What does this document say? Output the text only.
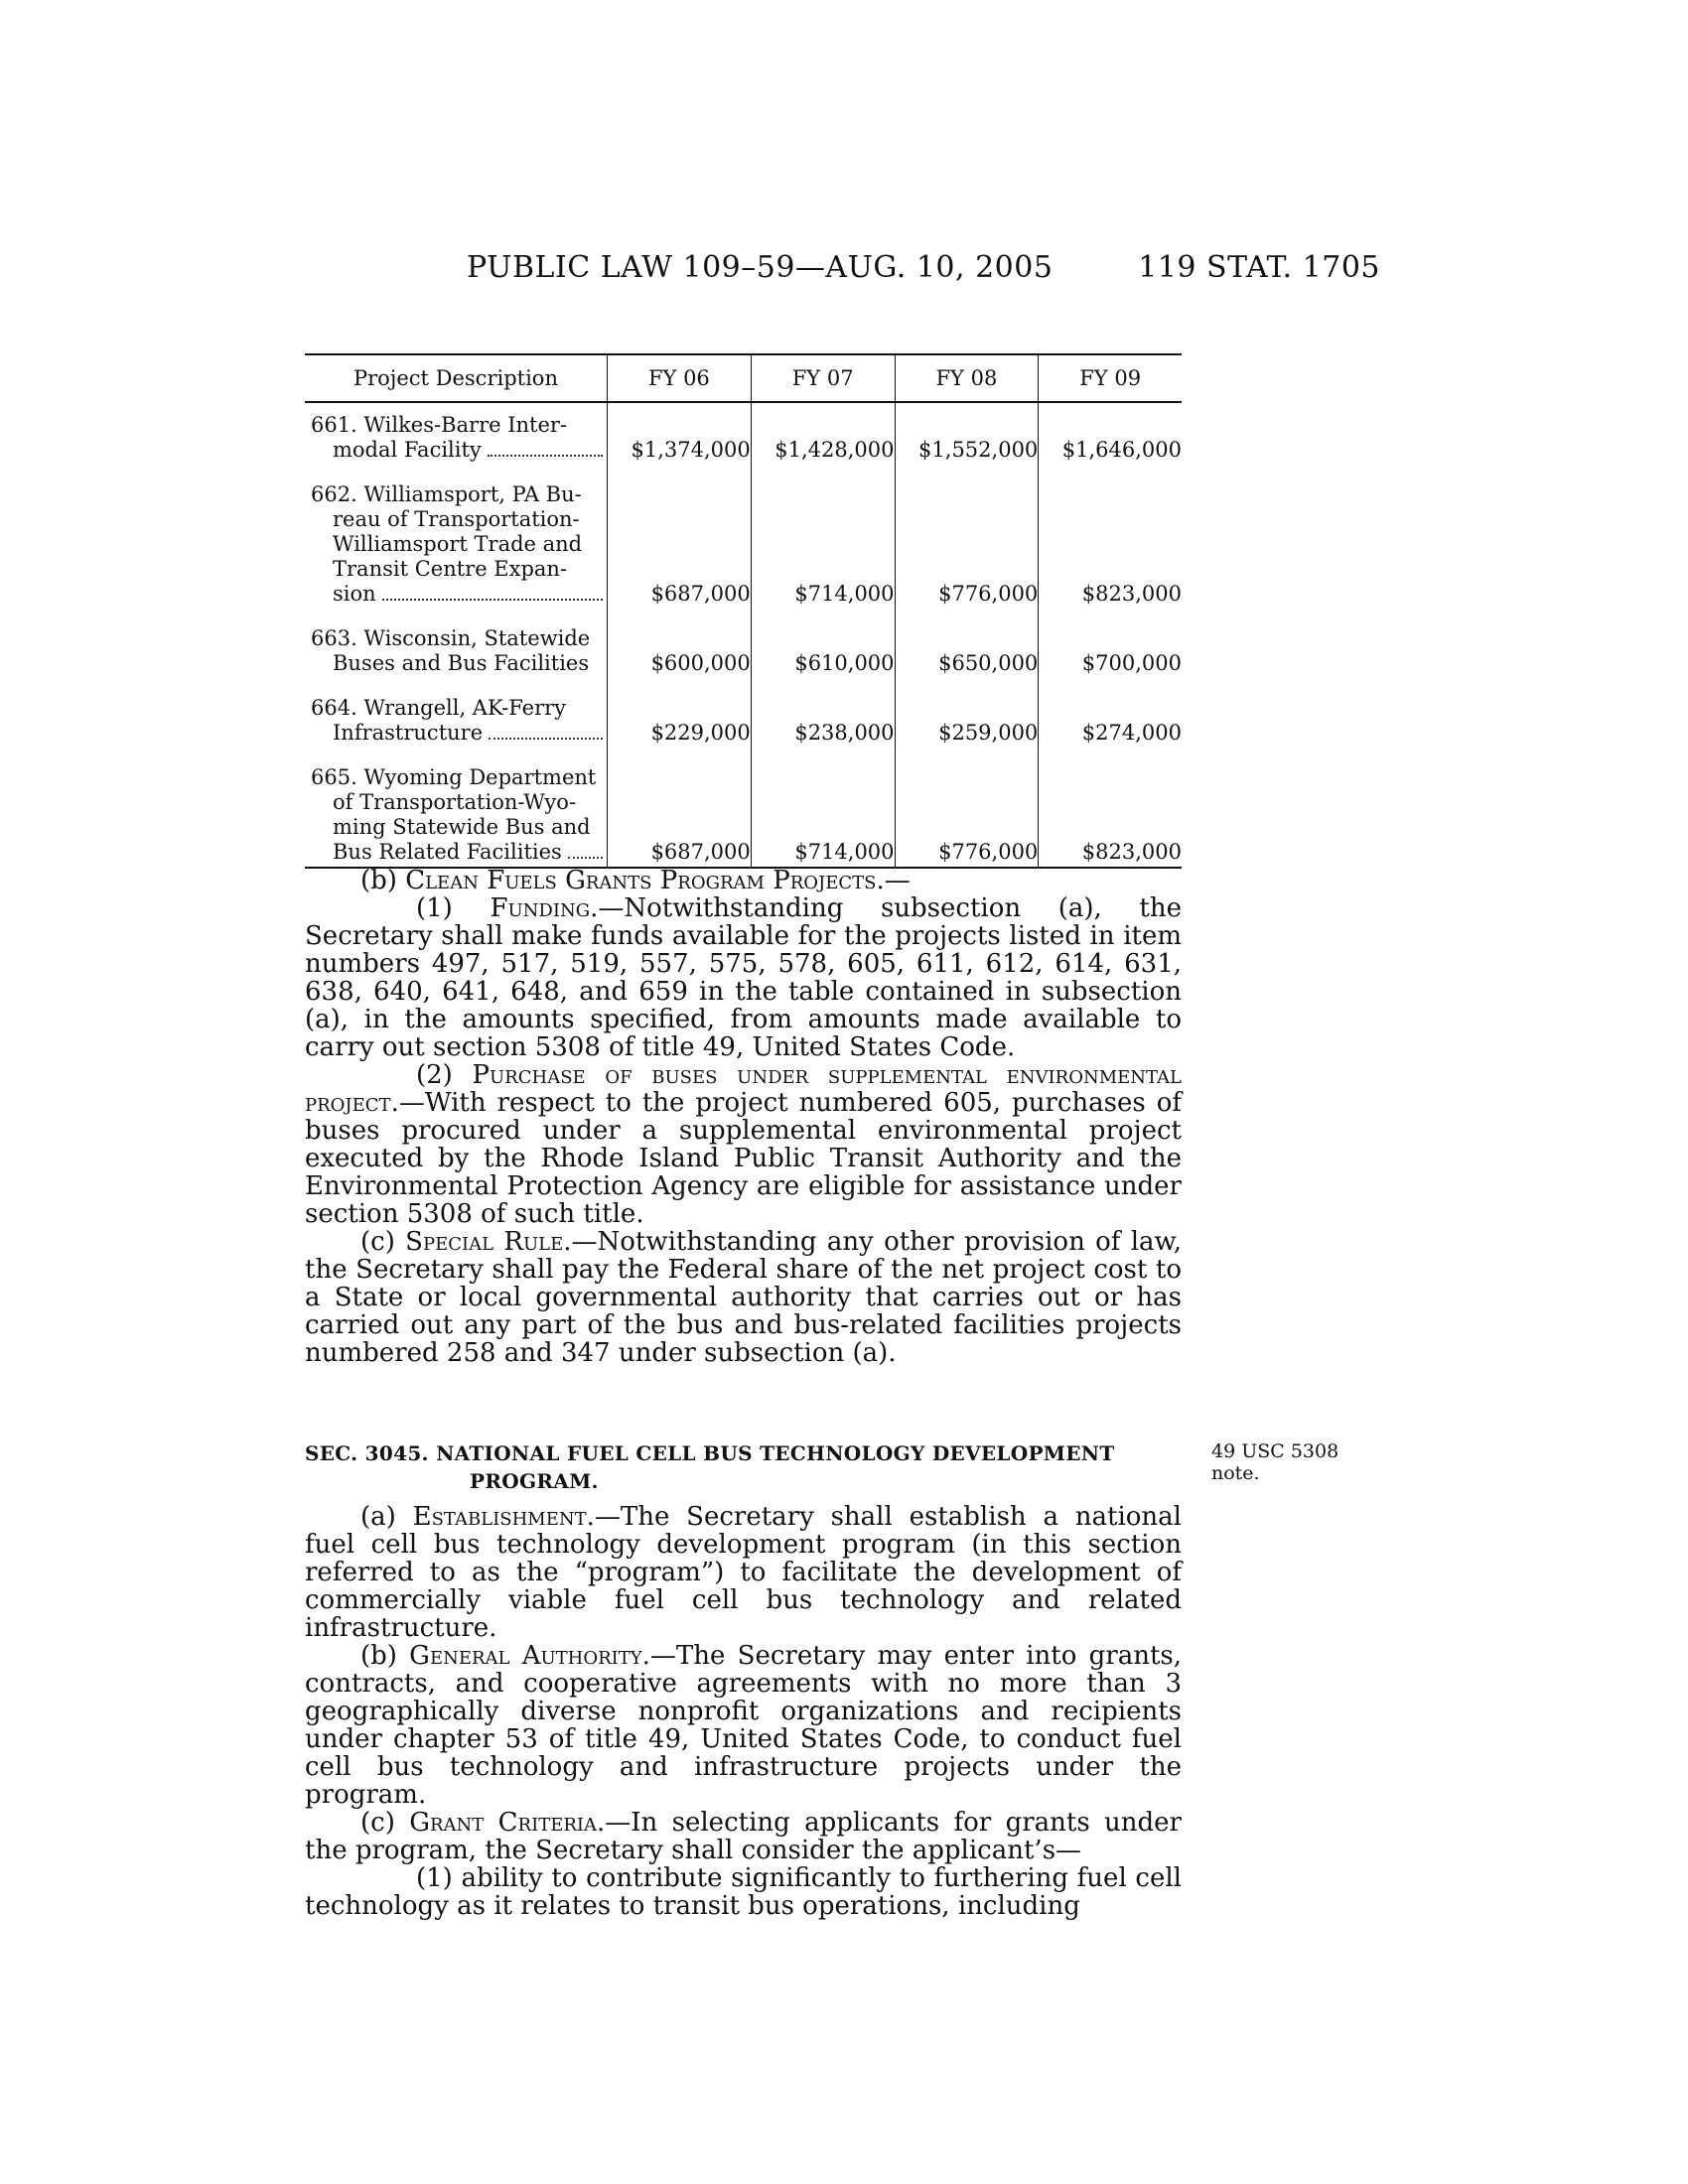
PUBLIC LAW 109–59—AUG. 10, 2005	119 STAT. 1705
Project Description	FY 06	FY 07	FY 08	FY 09

661. Wilkes-Barre Inter-
modal Facility	$1,374,000	$1,428,000	$1,552,000	$1,646,000

662. Williamsport, PA Bu-
reau of Transportation-
Williamsport Trade and
Transit Centre Expan-
sion	$687,000	$714,000	$776,000	$823,000

663. Wisconsin, Statewide
Buses and Bus Facilities	$600,000	$610,000	$650,000	$700,000

664. Wrangell, AK-Ferry
Infrastructure	$229,000	$238,000	$259,000	$274,000

665. Wyoming Department
of Transportation-Wyo-
ming Statewide Bus and
Bus Related Facilities	$687,000	$714,000	$776,000	$823,000

(b) Clean Fuels Grants Program Projects.—

(1) Funding.—Notwithstanding subsection (a), the Secretary shall make funds available for the projects listed in item numbers 497, 517, 519, 557, 575, 578, 605, 611, 612, 614, 631, 638, 640, 641, 648, and 659 in the table contained in subsection (a), in the amounts specified, from amounts made available to carry out section 5308 of title 49, United States Code.

(2) Purchase of buses under supplemental environmental project.—With respect to the project numbered 605, purchases of buses procured under a supplemental environmental project executed by the Rhode Island Public Transit Authority and the Environmental Protection Agency are eligible for assistance under section 5308 of such title.

(c) Special Rule.—Notwithstanding any other provision of law, the Secretary shall pay the Federal share of the net project cost to a State or local governmental authority that carries out or has carried out any part of the bus and bus-related facilities projects numbered 258 and 347 under subsection (a).

SEC. 3045. NATIONAL FUEL CELL BUS TECHNOLOGY DEVELOPMENT
PROGRAM.
49 USC 5308
note.

(a) Establishment.—The Secretary shall establish a national fuel cell bus technology development program (in this section referred to as the “program”) to facilitate the development of commercially viable fuel cell bus technology and related infrastructure.

(b) General Authority.—The Secretary may enter into grants, contracts, and cooperative agreements with no more than 3 geographically diverse nonprofit organizations and recipients under chapter 53 of title 49, United States Code, to conduct fuel cell bus technology and infrastructure projects under the program.

(c) Grant Criteria.—In selecting applicants for grants under the program, the Secretary shall consider the applicant’s—

(1) ability to contribute significantly to furthering fuel cell technology as it relates to transit bus operations, including
